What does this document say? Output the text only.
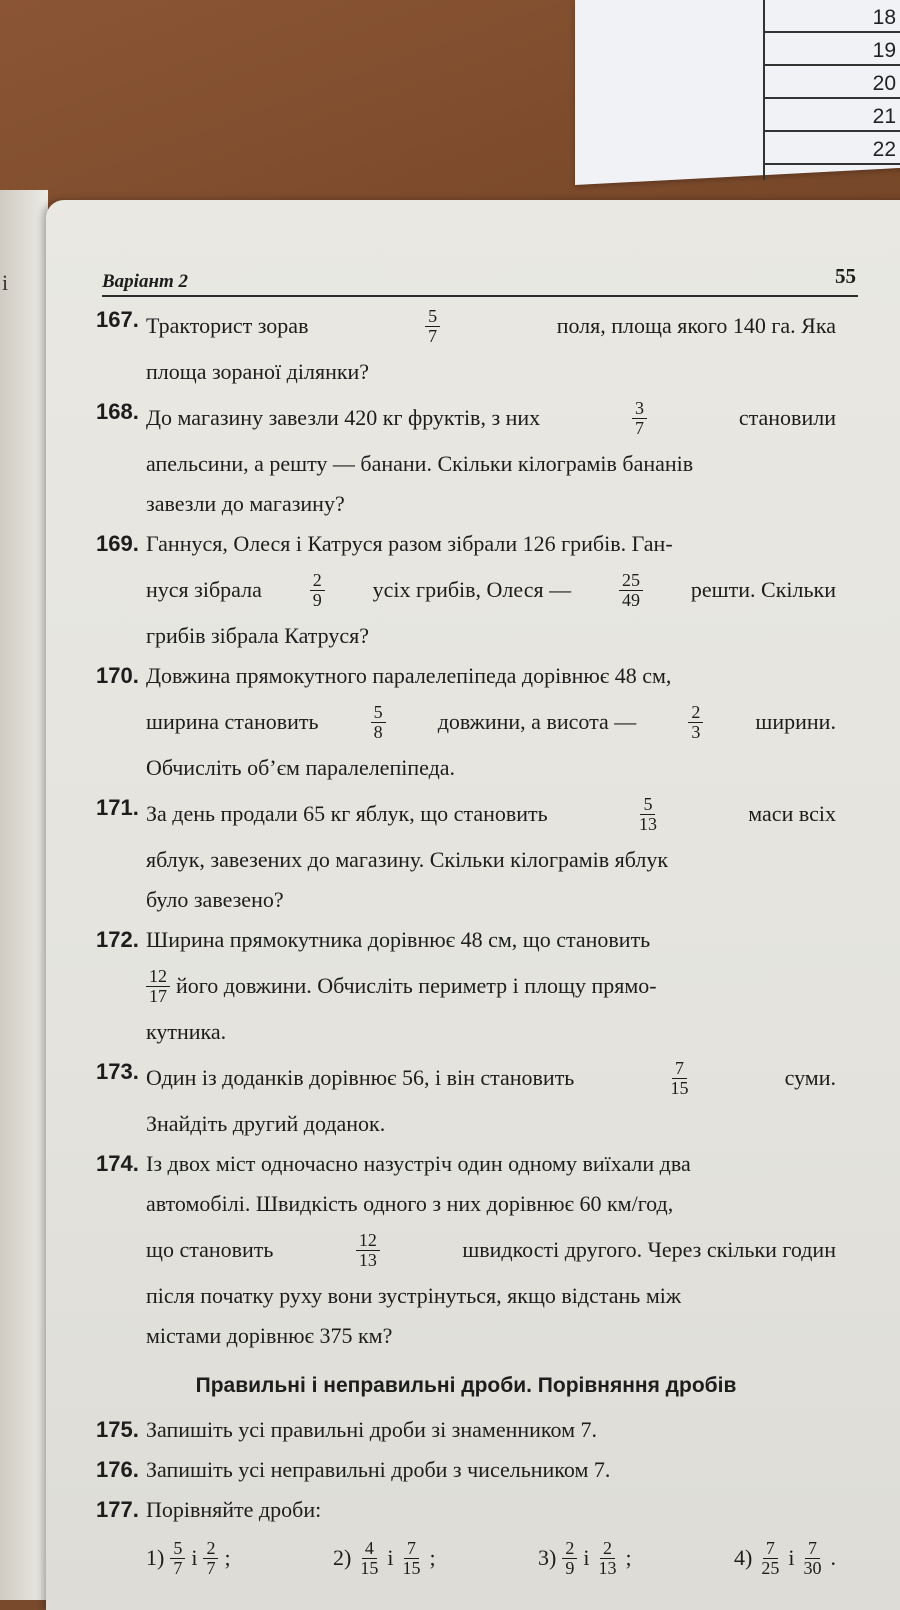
18
19
20
21
22
і	Варіант 2	55
167. Тракторист зорав	$\frac{5}{7}$	поля, площа якого 140 га. Яка
площа зораної ділянки?
168. До магазину завезли 420 кг фруктів, з них	$\frac{3}{7}$	становили
апельсини, а решту — банани. Скільки кілограмів бананів
завезли до магазину?
169. Ганнуся, Олеся і Катруся разом зібрали 126 грибів. Ган-
нуся зібрала	$\frac{2}{9}$ усіх грибів, Олеся —	$\frac{25}{49}$ решти. Скільки
грибів зібрала Катруся?
170. Довжина прямокутного паралелепіпеда дорівнює 48 см,
ширина становить	$\frac{5}{8}$ довжини, а висота —	$\frac{2}{3}$ ширини.
Обчисліть об’єм паралелепіпеда.
171. За день продали 65 кг яблук, що становить	$\frac{5}{13}$	маси всіх
яблук, завезених до магазину. Скільки кілограмів яблук
було завезено?
172. Ширина прямокутника дорівнює 48 см, що становить
$\frac{12}{17}$ його довжини. Обчисліть периметр і площу прямо-
кутника.
173. Один із доданків дорівнює 56, і він становить	$\frac{7}{15}$	суми.
Знайдіть другий доданок.
174. Із двох міст одночасно назустріч один одному виїхали два
автомобілі. Швидкість одного з них дорівнює 60 км/год,
що становить	$\frac{12}{13}$	швидкості другого. Через скільки годин
після початку руху вони зустрінуться, якщо відстань між
містами дорівнює 375 км?
Правильні і неправильні дроби. Порівняння дробів
175. Запишіть усі правильні дроби зі знаменником 7.
176. Запишіть усі неправильні дроби з чисельником 7.
177. Порівняйте дроби:
$1) \frac{5}{7}$ і $\frac{2}{7}$ ;	$2) \frac{4}{15}$ і $\frac{7}{15}$ ;	$3) \frac{2}{9}$ і $\frac{2}{13}$ ;	$4) \frac{7}{25}$ і $\frac{7}{30}$ .
